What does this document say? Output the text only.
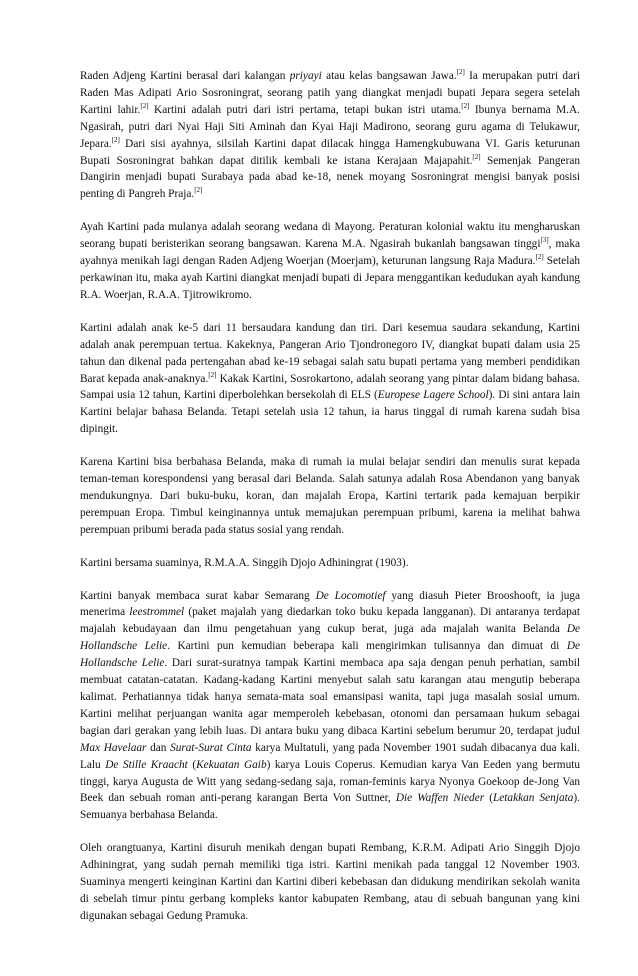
Raden Adjeng Kartini berasal dari kalangan priyayi atau kelas bangsawan Jawa.[2] Ia merupakan putri dari Raden Mas Adipati Ario Sosroningrat, seorang patih yang diangkat menjadi bupati Jepara segera setelah Kartini lahir.[2] Kartini adalah putri dari istri pertama, tetapi bukan istri utama.[2] Ibunya bernama M.A. Ngasirah, putri dari Nyai Haji Siti Aminah dan Kyai Haji Madirono, seorang guru agama di Telukawur, Jepara.[2] Dari sisi ayahnya, silsilah Kartini dapat dilacak hingga Hamengkubuwana VI. Garis keturunan Bupati Sosroningrat bahkan dapat ditilik kembali ke istana Kerajaan Majapahit.[2] Semenjak Pangeran Dangirin menjadi bupati Surabaya pada abad ke-18, nenek moyang Sosroningrat mengisi banyak posisi penting di Pangreh Praja.[2]

Ayah Kartini pada mulanya adalah seorang wedana di Mayong. Peraturan kolonial waktu itu mengharuskan seorang bupati beristerikan seorang bangsawan. Karena M.A. Ngasirah bukanlah bangsawan tinggi[3], maka ayahnya menikah lagi dengan Raden Adjeng Woerjan (Moerjam), keturunan langsung Raja Madura.[2] Setelah perkawinan itu, maka ayah Kartini diangkat menjadi bupati di Jepara menggantikan kedudukan ayah kandung R.A. Woerjan, R.A.A. Tjitrowikromo.

Kartini adalah anak ke-5 dari 11 bersaudara kandung dan tiri. Dari kesemua saudara sekandung, Kartini adalah anak perempuan tertua. Kakeknya, Pangeran Ario Tjondronegoro IV, diangkat bupati dalam usia 25 tahun dan dikenal pada pertengahan abad ke-19 sebagai salah satu bupati pertama yang memberi pendidikan Barat kepada anak-anaknya.[2] Kakak Kartini, Sosrokartono, adalah seorang yang pintar dalam bidang bahasa. Sampai usia 12 tahun, Kartini diperbolehkan bersekolah di ELS (Europese Lagere School). Di sini antara lain Kartini belajar bahasa Belanda. Tetapi setelah usia 12 tahun, ia harus tinggal di rumah karena sudah bisa dipingit.

Karena Kartini bisa berbahasa Belanda, maka di rumah ia mulai belajar sendiri dan menulis surat kepada teman-teman korespondensi yang berasal dari Belanda. Salah satunya adalah Rosa Abendanon yang banyak mendukungnya. Dari buku-buku, koran, dan majalah Eropa, Kartini tertarik pada kemajuan berpikir perempuan Eropa. Timbul keinginannya untuk memajukan perempuan pribumi, karena ia melihat bahwa perempuan pribumi berada pada status sosial yang rendah.

Kartini bersama suaminya, R.M.A.A. Singgih Djojo Adhiningrat (1903).

Kartini banyak membaca surat kabar Semarang De Locomotief yang diasuh Pieter Brooshooft, ia juga menerima leestrommel (paket majalah yang diedarkan toko buku kepada langganan). Di antaranya terdapat majalah kebudayaan dan ilmu pengetahuan yang cukup berat, juga ada majalah wanita Belanda De Hollandsche Lelie. Kartini pun kemudian beberapa kali mengirimkan tulisannya dan dimuat di De Hollandsche Lelie. Dari surat-suratnya tampak Kartini membaca apa saja dengan penuh perhatian, sambil membuat catatan-catatan. Kadang-kadang Kartini menyebut salah satu karangan atau mengutip beberapa kalimat. Perhatiannya tidak hanya semata-mata soal emansipasi wanita, tapi juga masalah sosial umum. Kartini melihat perjuangan wanita agar memperoleh kebebasan, otonomi dan persamaan hukum sebagai bagian dari gerakan yang lebih luas. Di antara buku yang dibaca Kartini sebelum berumur 20, terdapat judul Max Havelaar dan Surat-Surat Cinta karya Multatuli, yang pada November 1901 sudah dibacanya dua kali. Lalu De Stille Kraacht (Kekuatan Gaib) karya Louis Coperus. Kemudian karya Van Eeden yang bermutu tinggi, karya Augusta de Witt yang sedang-sedang saja, roman-feminis karya Nyonya Goekoop de-Jong Van Beek dan sebuah roman anti-perang karangan Berta Von Suttner, Die Waffen Nieder (Letakkan Senjata). Semuanya berbahasa Belanda.

Oleh orangtuanya, Kartini disuruh menikah dengan bupati Rembang, K.R.M. Adipati Ario Singgih Djojo Adhiningrat, yang sudah pernah memiliki tiga istri. Kartini menikah pada tanggal 12 November 1903. Suaminya mengerti keinginan Kartini dan Kartini diberi kebebasan dan didukung mendirikan sekolah wanita di sebelah timur pintu gerbang kompleks kantor kabupaten Rembang, atau di sebuah bangunan yang kini digunakan sebagai Gedung Pramuka.
